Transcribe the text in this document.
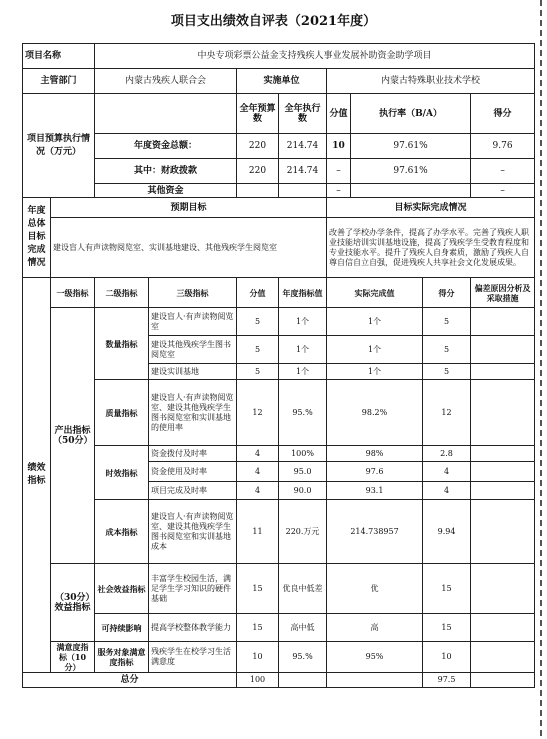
项目支出绩效自评表（2021年度）
项目名称		中央专项彩票公益金支持残疾人事业发展补助资金助学项目							
主管部门		内蒙古残疾人联合会		实施单位		内蒙古特殊职业技术学校			
项目预算执行情况（万元）				全年预算数	全年执行数	分值	执行率（B/A）		得分
		年度资金总额：		220	214.74	10	97.61%		9.76
		其中：财政拨款		220	214.74	–	97.61%		–
		其他资金				–			–
年度总体目标完成情况	预期目标					目标实际完成情况			
	建设盲人有声读物阅览室、实训基地建设、其他残疾学生阅览室					改善了学校办学条件，提高了办学水平。完善了残疾人职业技能培训实训基地设施，提高了残疾学生受教育程度和专业技能水平。提升了残疾人自身素质，激励了残疾人自尊自信自立自强，促进残疾人共享社会文化发展成果。			
绩效指标	一级指标	二级指标	三级指标	分值	年度指标值	实际完成值		得分	偏差原因分析及采取措施
	产出指标（50分）	数量指标	建设盲人·有声读物阅览室	5	1个	1个		5	
			建设其他残疾学生图书阅览室	5	1个	1个		5	
			建设实训基地	5	1个	1个		5	
		质量指标	建设盲人·有声读物阅览室、建设其他残疾学生图书阅览室和实训基地的使用率	12	95.%	98.2%		12	
		时效指标	资金拨付及时率	4	100%	98%		2.8	
			资金使用及时率	4	95.0	97.6		4	
			项目完成及时率	4	90.0	93.1		4	
		成本指标	建设盲人·有声读物阅览室、建设其他残疾学生图书阅览室和实训基地成本	11	220.万元	214.738957		9.94	
	（30分）效益指标	社会效益指标	丰富学生校园生活，满足学生学习知识的硬件基础	15	优良中低差	优		15	
		可持续影响	提高学校整体教学能力	15	高中低	高		15	
	满意度指标（10分）	服务对象满意度指标	残疾学生在校学习生活满意度	10	95.%	95%		10	
总分				100				97.5	
